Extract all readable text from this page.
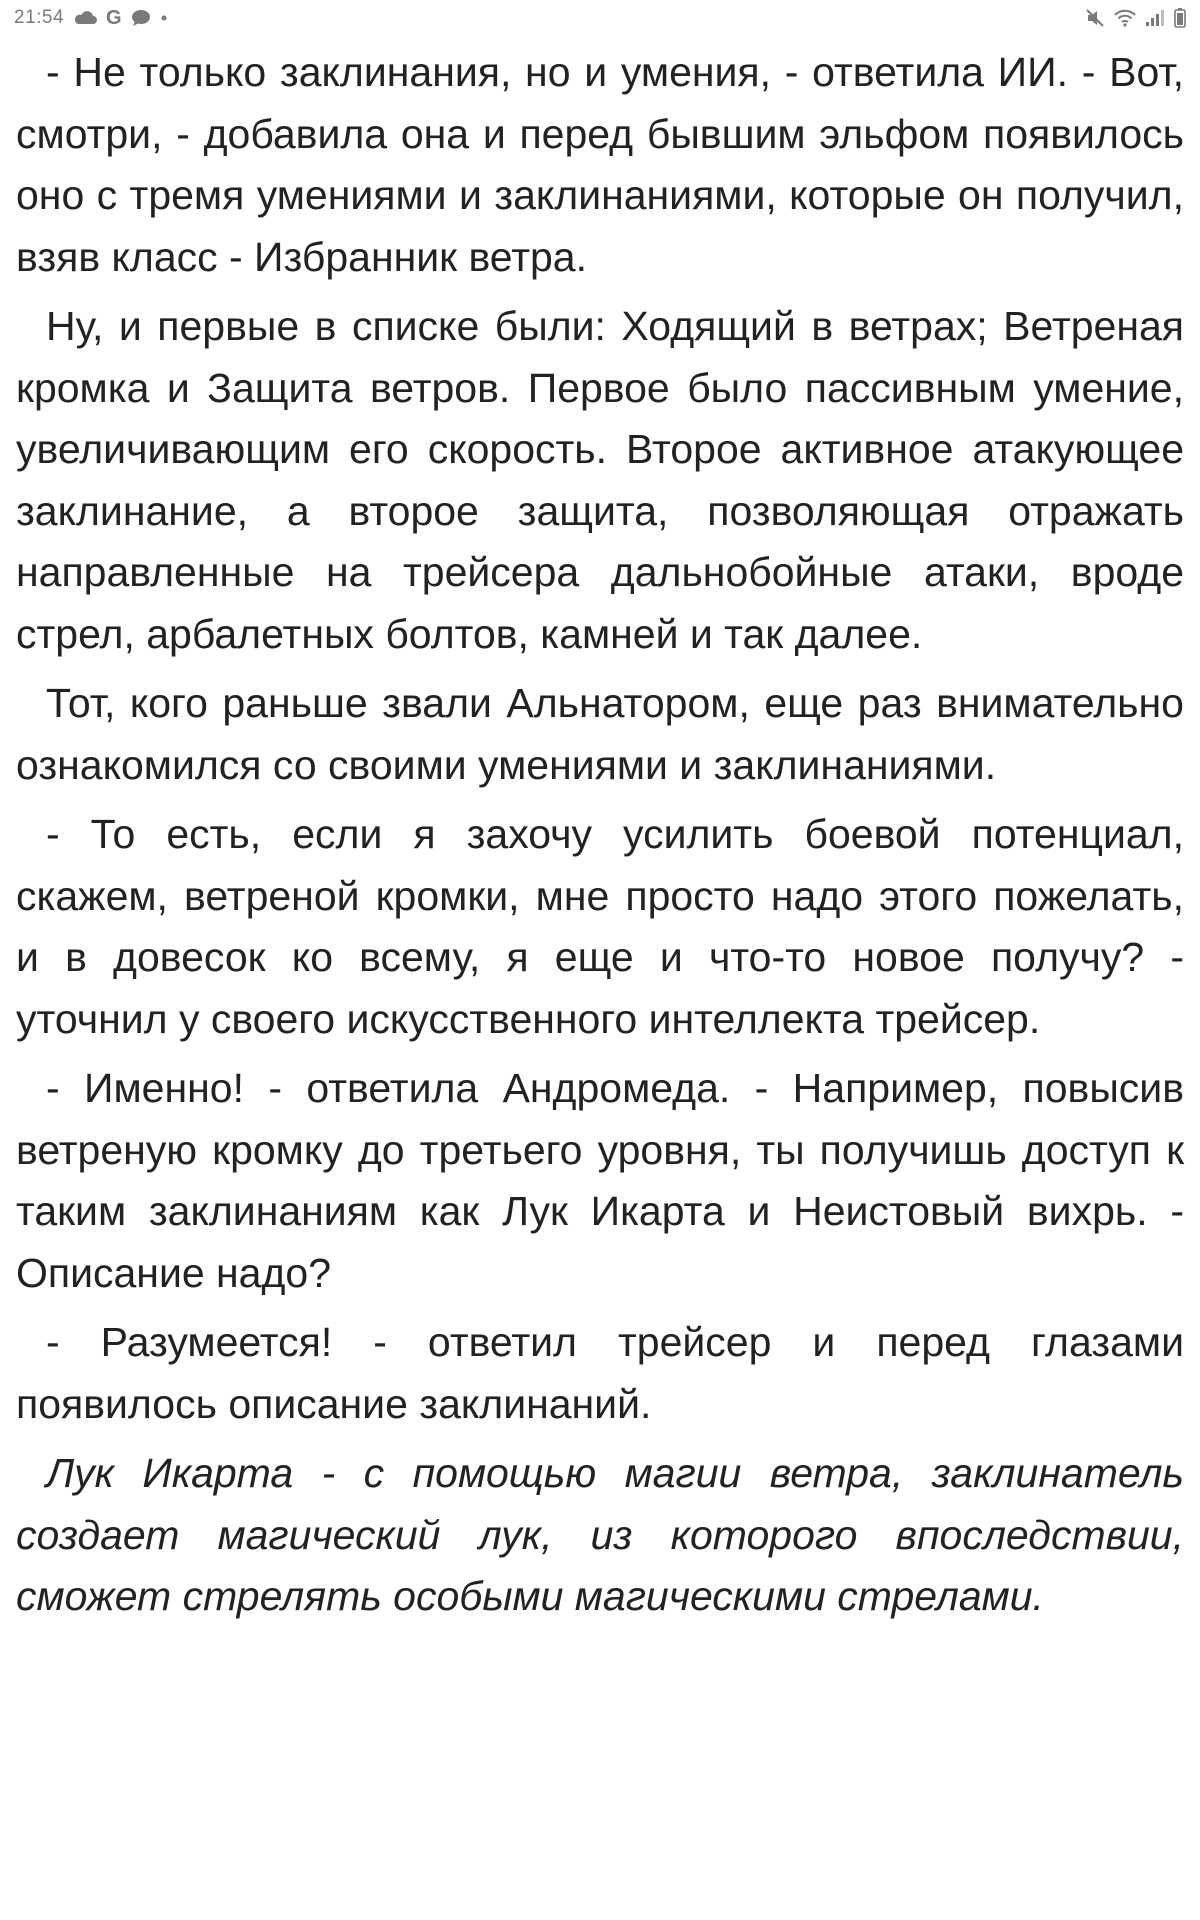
21:54 G

- Не только заклинания, но и умения, - ответила ИИ. - Вот, смотри, - добавила она и перед бывшим эльфом появилось оно с тремя умениями и заклинаниями, которые он получил, взяв класс - Избранник ветра.

Ну, и первые в списке были: Ходящий в ветрах; Ветреная кромка и Защита ветров. Первое было пассивным умение, увеличивающим его скорость. Второе активное атакующее заклинание, а второе защита, позволяющая отражать направленные на трейсера дальнобойные атаки, вроде стрел, арбалетных болтов, камней и так далее.

Тот, кого раньше звали Альнатором, еще раз внимательно ознакомился со своими умениями и заклинаниями.

- То есть, если я захочу усилить боевой потенциал, скажем, ветреной кромки, мне просто надо этого пожелать, и в довесок ко всему, я еще и что-то новое получу? - уточнил у своего искусственного интеллекта трейсер.

- Именно! - ответила Андромеда. - Например, повысив ветреную кромку до третьего уровня, ты получишь доступ к таким заклинаниям как Лук Икарта и Неистовый вихрь. - Описание надо?

- Разумеется! - ответил трейсер и перед глазами появилось описание заклинаний.

Лук Икарта - с помощью магии ветра, заклинатель создает магический лук, из которого впоследствии, сможет стрелять особыми магическими стрелами.
